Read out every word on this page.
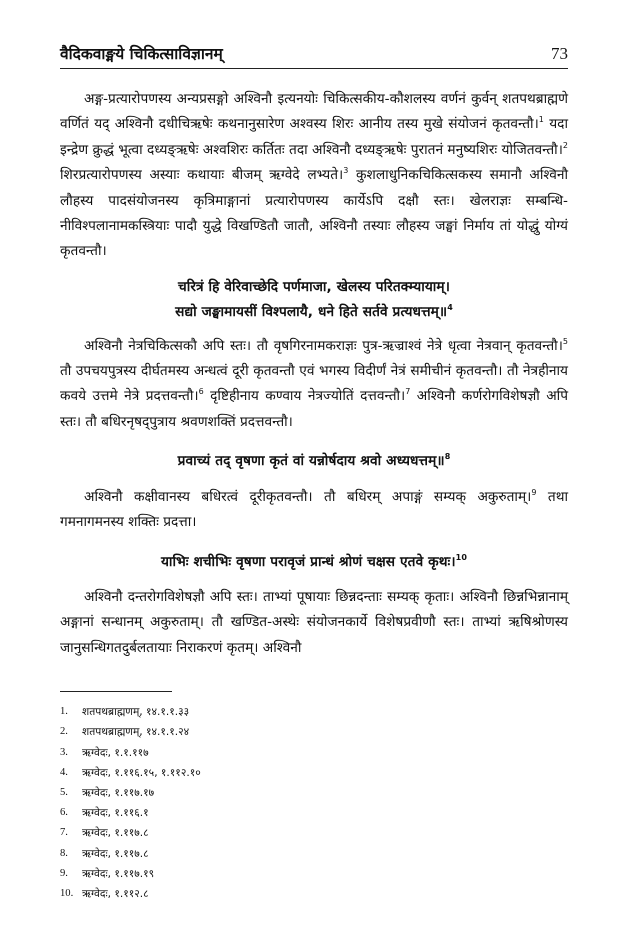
वैदिकवाङ्मये चिकित्साविज्ञानम्	73

अङ्ग-प्रत्यारोपणस्य अन्यप्रसङ्गो अश्विनौ इत्यनयोः चिकित्सकीय-कौशलस्य वर्णनं कुर्वन् शतपथब्राह्मणे वर्णितं यद् अश्विनौ दधीचिऋषेः कथनानुसारेण अश्वस्य शिरः आनीय तस्य मुखे संयोजनं कृतवन्तौ।$^1$ यदा इन्द्रेण क्रुद्धं भूत्वा दध्यङ्ऋषेः अश्वशिरः कर्तितः तदा अश्विनौ दध्यङ्ऋषेः पुरातनं मनुष्यशिरः योजितवन्तौ।$^2$ शिरप्रत्यारोपणस्य अस्याः कथायाः बीजम् ऋग्वेदे लभ्यते।$^3$ कुशलाधुनिकचिकित्सकस्य समानौ अश्विनौ लौहस्य पादसंयोजनस्य कृत्रिमाङ्गानां प्रत्यारोपणस्य कार्येऽपि दक्षौ स्तः। खेलराज्ञः सम्बन्धि-नीविश्पलानामकस्त्रियाः पादौ युद्धे विखण्डितौ जातौ, अश्विनौ तस्याः लौहस्य जङ्घां निर्माय तां योद्धुं योग्यं कृतवन्तौ।

चरित्रं हि वेरिवाच्छेदि पर्णमाजा, खेलस्य परितक्म्यायाम्।
सद्यो जङ्घामायसीं विश्पलायै, धने हिते सर्तवे प्रत्यधत्तम्॥$^4$

अश्विनौ नेत्रचिकित्सकौ अपि स्तः। तौ वृषगिरनामकराज्ञः पुत्र-ऋज्राश्वं नेत्रे धृत्वा नेत्रवान् कृतवन्तौ।$^5$ तौ उपचयपुत्रस्य दीर्घतमस्य अन्धत्वं दूरी कृतवन्तौ एवं भगस्य विदीर्णं नेत्रं समीचीनं कृतवन्तौ। तौ नेत्रहीनाय कवये उत्तमे नेत्रे प्रदत्तवन्तौ।$^6$ दृष्टिहीनाय कण्वाय नेत्रज्योतिं दत्तवन्तौ।$^7$ अश्विनौ कर्णरोगविशेषज्ञौ अपि स्तः। तौ बधिरनृषद्पुत्राय श्रवणशक्तिं प्रदत्तवन्तौ।

प्रवाच्यं तद् वृषणा कृतं वां यन्नोर्षदाय श्रवो अध्यधत्तम्॥$^8$

अश्विनौ कक्षीवानस्य बधिरत्वं दूरीकृतवन्तौ। तौ बधिरम् अपाङ्गं सम्यक् अकुरुताम्।$^9$ तथा गमनागमनस्य शक्तिः प्रदत्ता।

याभिः शचीभिः वृषणा परावृजं प्रान्धं श्रोणं चक्षस एतवे कृथः।$^{10}$

अश्विनौ दन्तरोगविशेषज्ञौ अपि स्तः। ताभ्यां पूषायाः छिन्नदन्ताः सम्यक् कृताः। अश्विनौ छिन्नभिन्नानाम् अङ्गानां सन्धानम् अकुरुताम्। तौ खण्डित-अस्थेः संयोजनकार्ये विशेषप्रवीणौ स्तः। ताभ्यां ऋषिश्रोणस्य जानुसन्धिगतदुर्बलतायाः निराकरणं कृतम्। अश्विनौ

1.	शतपथब्राह्मणम्, १४.१.१.३३
2.	शतपथब्राह्मणम्, १४.१.१.२४
3.	ऋग्वेदः, १.१.११७
4.	ऋग्वेदः, १.११६.१५, १.११२.१०
5.	ऋग्वेदः, १.११७.१७
6.	ऋग्वेदः, १.११६.१
7.	ऋग्वेदः, १.११७.८
8.	ऋग्वेदः, १.११७.८
9.	ऋग्वेदः, १.११७.१९
10. ऋग्वेदः, १.११२.८
